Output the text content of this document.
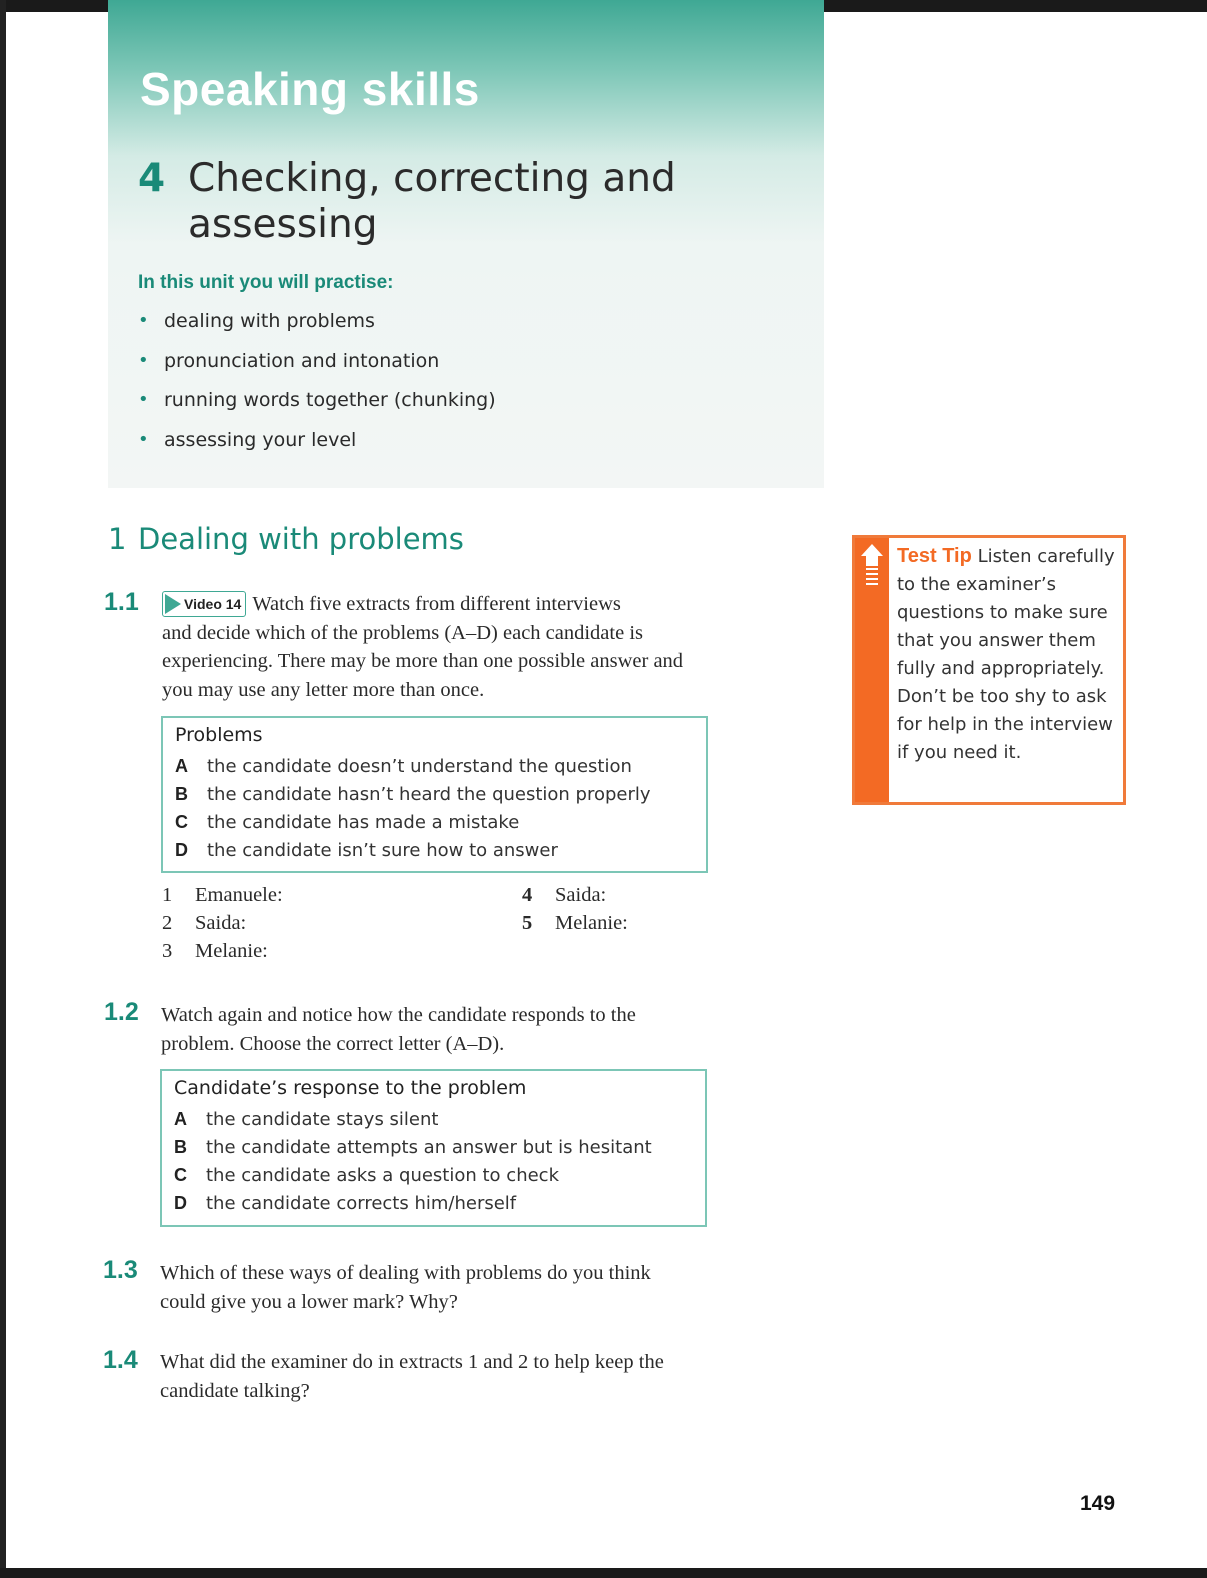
Speaking skills
4 Checking, correcting and
assessing

In this unit you will practise:

• dealing with problems
• pronunciation and intonation
• running words together (chunking)
• assessing your level
1 Dealing with problems
1.1	Video 14 Watch five extracts from different interviews
and decide which of the problems (A–D) each candidate is
experiencing. There may be more than one possible answer and
you may use any letter more than once.
Problems
A the candidate doesn’t understand the question
B the candidate hasn’t heard the question properly
C the candidate has made a mistake
D the candidate isn’t sure how to answer
1 Emanuele:
2 Saida:
3 Melanie:
4 Saida:
5 Melanie:
1.2 Watch again and notice how the candidate responds to the
problem. Choose the correct letter (A–D).
Candidate’s response to the problem
A the candidate stays silent
B the candidate attempts an answer but is hesitant
C the candidate asks a question to check
D the candidate corrects him/herself
1.3 Which of these ways of dealing with problems do you think
could give you a lower mark? Why?
1.4 What did the examiner do in extracts 1 and 2 to help keep the
candidate talking?
Test Tip Listen carefully to the examiner’s questions to make sure that you answer them fully and appropriately. Don’t be too shy to ask for help in the interview if you need it.
149
